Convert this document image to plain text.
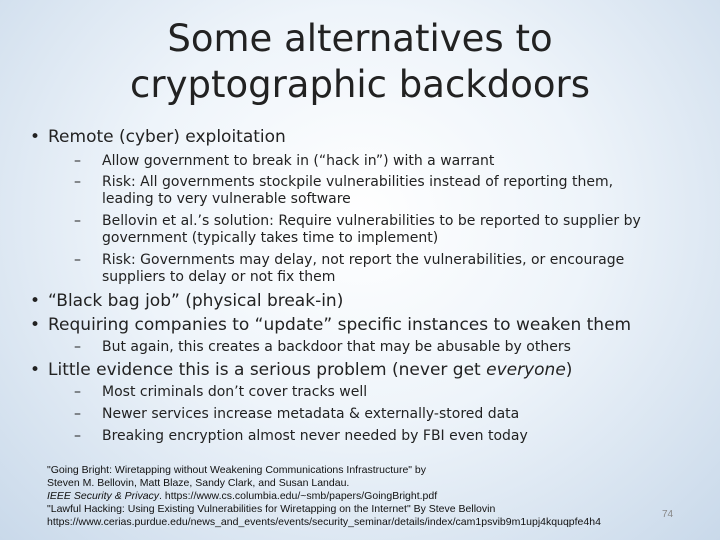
Some alternatives to
cryptographic backdoors
• Remote (cyber) exploitation
– Allow government to break in (“hack in”) with a warrant
– Risk: All governments stockpile vulnerabilities instead of reporting them, leading to very vulnerable software
– Bellovin et al.’s solution: Require vulnerabilities to be reported to supplier by government (typically takes time to implement)
– Risk: Governments may delay, not report the vulnerabilities, or encourage suppliers to delay or not fix them
• “Black bag job” (physical break-in)
• Requiring companies to “update” specific instances to weaken them
– But again, this creates a backdoor that may be abusable by others
• Little evidence this is a serious problem (never get everyone)
– Most criminals don’t cover tracks well
– Newer services increase metadata & externally-stored data
– Breaking encryption almost never needed by FBI even today
"Going Bright: Wiretapping without Weakening Communications Infrastructure" by
Steven M. Bellovin, Matt Blaze, Sandy Clark, and Susan Landau.
IEEE Security & Privacy. https://www.cs.columbia.edu/~smb/papers/GoingBright.pdf
"Lawful Hacking: Using Existing Vulnerabilities for Wiretapping on the Internet" By Steve Bellovin
https://www.cerias.purdue.edu/news_and_events/events/security_seminar/details/index/cam1psvib9m1upj4kquqpfe4h4
74
